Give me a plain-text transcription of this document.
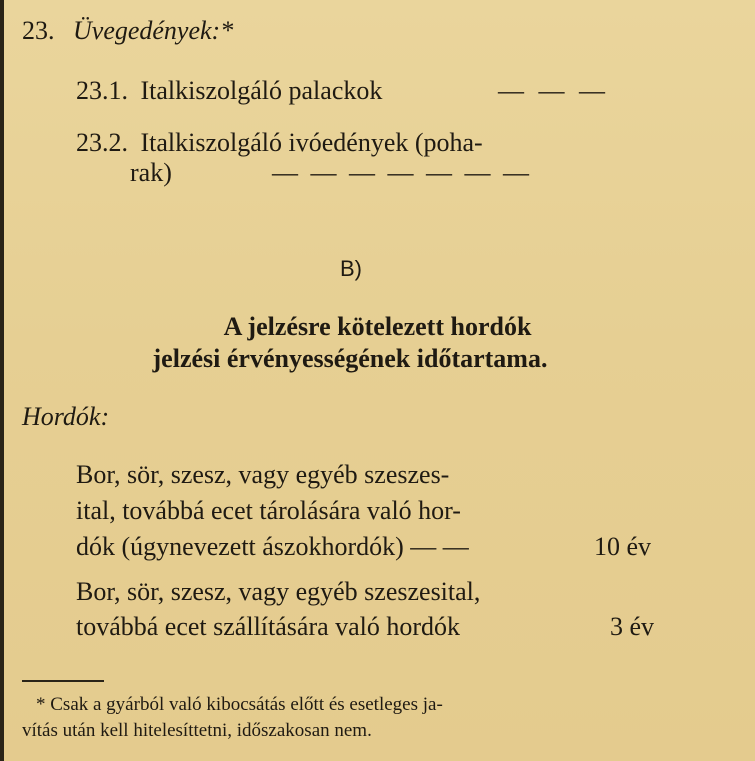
23. Üvegedények:*
23.1. Italkiszolgáló palackok	— — —
23.2. Italkiszolgáló ivóedények (poha-
rak)	— — — — — — —
B)
A jelzésre kötelezett hordók
jelzési érvényességének időtartama.
Hordók:
Bor, sör, szesz, vagy egyéb szeszes-
ital, továbbá ecet tárolására való hor-
dók (úgynevezett ászokhordók) — —	10 év
Bor, sör, szesz, vagy egyéb szeszesital,
továbbá ecet szállítására való hordók	3 év
* Csak a gyárból való kibocsátás előtt és esetleges ja-
vítás után kell hitelesíttetni, időszakosan nem.
